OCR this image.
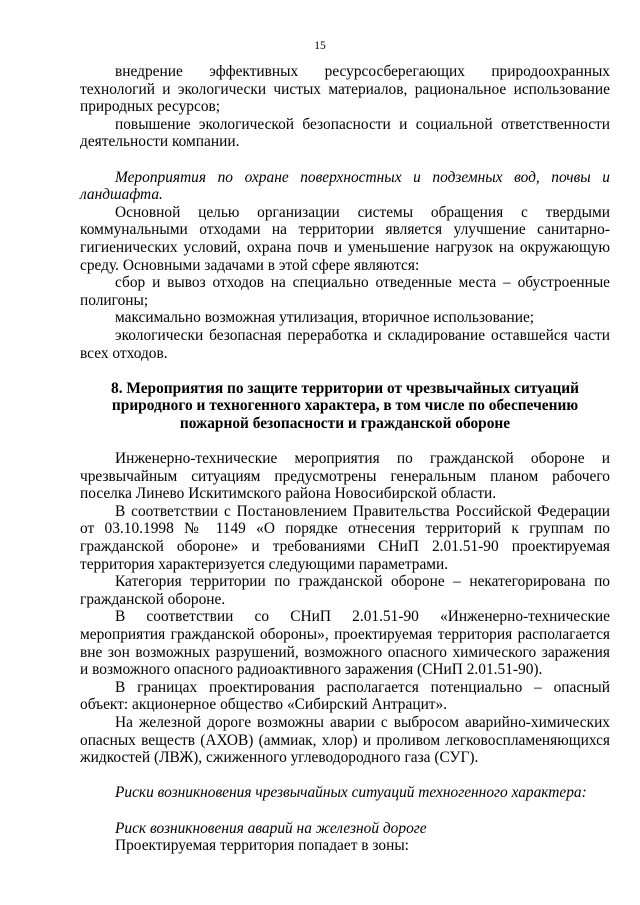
15

внедрение эффективных ресурсосберегающих природоохранных технологий и экологически чистых материалов, рациональное использование природных ресурсов;

повышение экологической безопасности и социальной ответственности деятельности компании.

Мероприятия по охране поверхностных и подземных вод, почвы и ландшафта.

Основной целью организации системы обращения с твердыми коммунальными отходами на территории является улучшение санитарно-гигиенических условий, охрана почв и уменьшение нагрузок на окружающую среду. Основными задачами в этой сфере являются:

сбор и вывоз отходов на специально отведенные места – обустроенные полигоны;

максимально возможная утилизация, вторичное использование;

экологически безопасная переработка и складирование оставшейся части всех отходов.

8. Мероприятия по защите территории от чрезвычайных ситуаций природного и техногенного характера, в том числе по обеспечению пожарной безопасности и гражданской обороне

Инженерно-технические мероприятия по гражданской обороне и чрезвычайным ситуациям предусмотрены генеральным планом рабочего поселка Линево Искитимского района Новосибирской области.

В соответствии с Постановлением Правительства Российской Федерации от 03.10.1998 № 1149 «О порядке отнесения территорий к группам по гражданской обороне» и требованиями СНиП 2.01.51-90 проектируемая территория характеризуется следующими параметрами.

Категория территории по гражданской обороне – некатегорирована по гражданской обороне.

В соответствии со СНиП 2.01.51-90 «Инженерно-технические мероприятия гражданской обороны», проектируемая территория располагается вне зон возможных разрушений, возможного опасного химического заражения и возможного опасного радиоактивного заражения (СНиП 2.01.51-90).

В границах проектирования располагается потенциально – опасный объект: акционерное общество «Сибирский Антрацит».

На железной дороге возможны аварии с выбросом аварийно-химических опасных веществ (АХОВ) (аммиак, хлор) и проливом легковоспламеняющихся жидкостей (ЛВЖ), сжиженного углеводородного газа (СУГ).

Риски возникновения чрезвычайных ситуаций техногенного характера:

Риск возникновения аварий на железной дороге

Проектируемая территория попадает в зоны:
